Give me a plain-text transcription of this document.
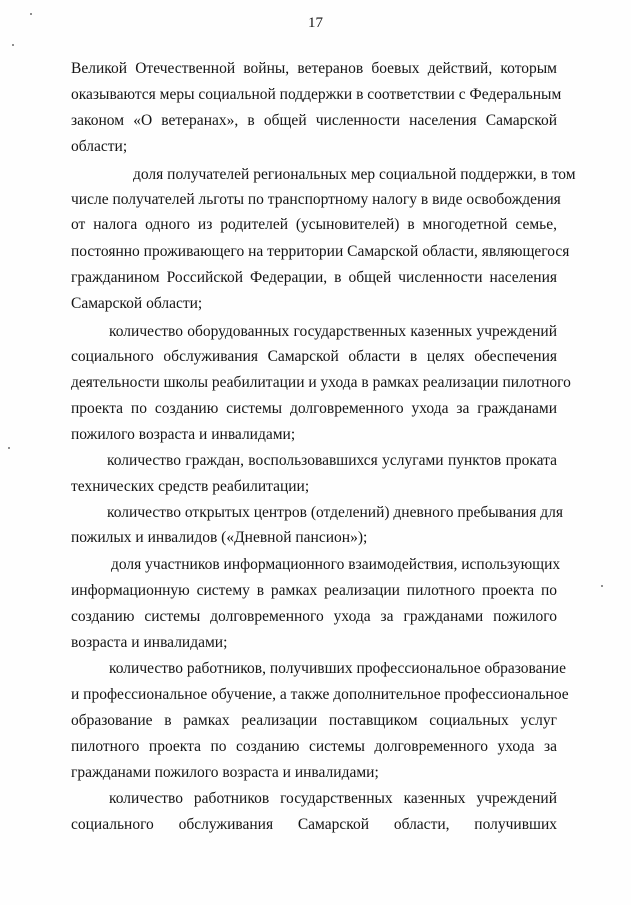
17
Великой Отечественной войны, ветеранов боевых действий, которым
оказываются меры социальной поддержки в соответствии с Федеральным
законом «О ветеранах», в общей численности населения Самарской
области;
доля получателей региональных мер социальной поддержки, в том
числе получателей льготы по транспортному налогу в виде освобождения
от налога одного из родителей (усыновителей) в многодетной семье,
постоянно проживающего на территории Самарской области, являющегося
гражданином Российской Федерации, в общей численности населения
Самарской области;
количество оборудованных государственных казенных учреждений
социального обслуживания Самарской области в целях обеспечения
деятельности школы реабилитации и ухода в рамках реализации пилотного
проекта по созданию системы долговременного ухода за гражданами
пожилого возраста и инвалидами;
количество граждан, воспользовавшихся услугами пунктов проката
технических средств реабилитации;
количество открытых центров (отделений) дневного пребывания для
пожилых и инвалидов («Дневной пансион»);
доля участников информационного взаимодействия, использующих
информационную систему в рамках реализации пилотного проекта по
созданию системы долговременного ухода за гражданами пожилого
возраста и инвалидами;
количество работников, получивших профессиональное образование
и профессиональное обучение, а также дополнительное профессиональное
образование в рамках реализации поставщиком социальных услуг
пилотного проекта по созданию системы долговременного ухода за
гражданами пожилого возраста и инвалидами;
количество работников государственных казенных учреждений
социального обслуживания Самарской области, получивших
